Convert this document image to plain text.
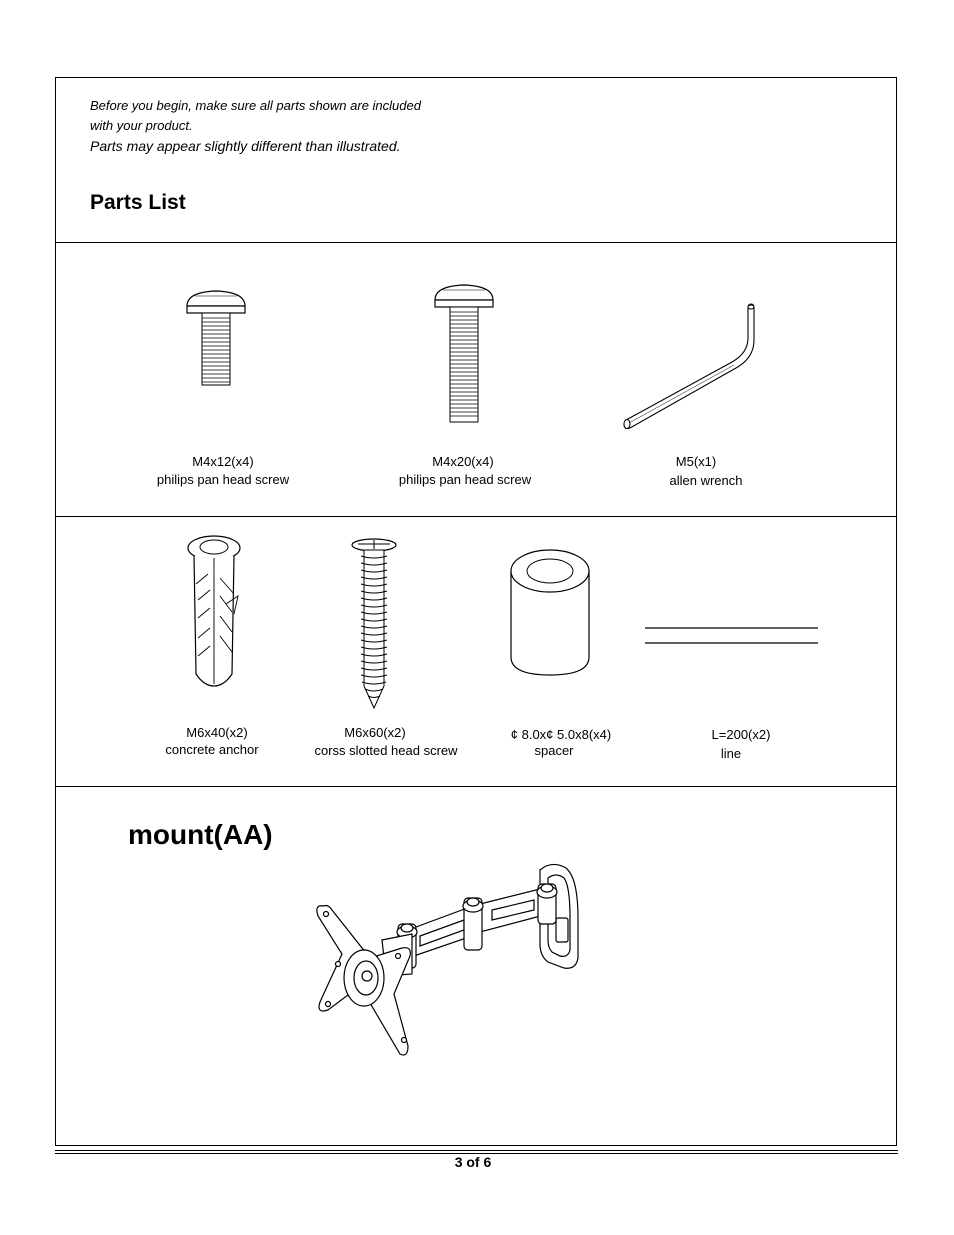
Before you begin, make sure all parts shown are included
with your product.
Parts may appear slightly different than illustrated.
Parts List
M4x12(x4)
philips pan head screw
M4x20(x4)
philips pan head screw
M5(x1)
allen wrench
M6x40(x2)
concrete anchor
M6x60(x2)
corss slotted head screw
¢ 8.0x¢ 5.0x8(x4)
spacer
L=200(x2)
line
mount(AA)
3 of 6
